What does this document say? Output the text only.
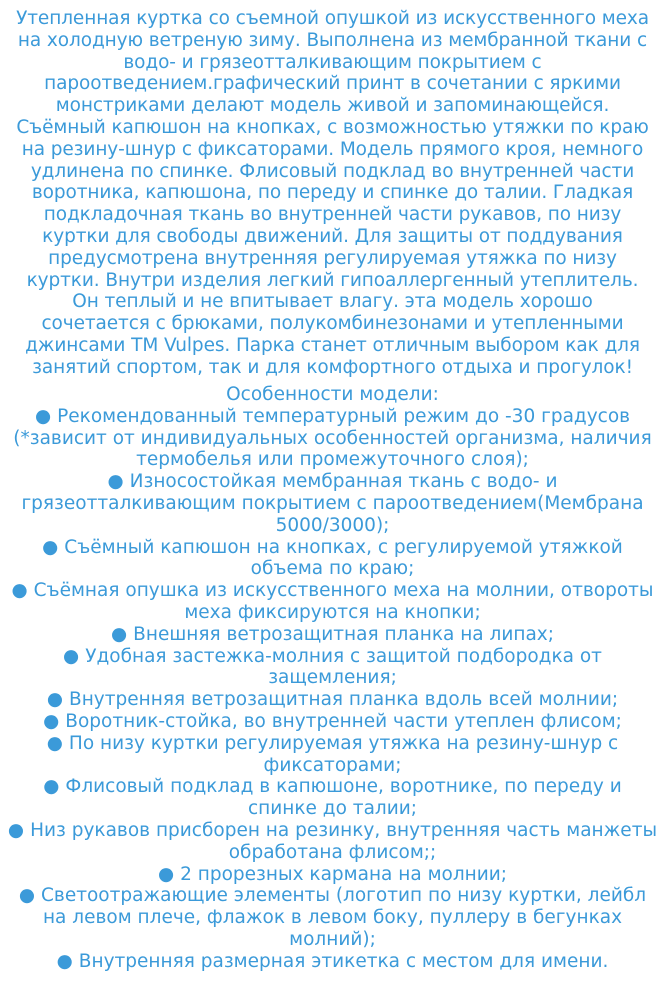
Утепленная куртка со съемной опушкой из искусственного меха
на холодную ветреную зиму. Выполнена из мембранной ткани с
водо- и грязеотталкивающим покрытием с
пароотведением.графический принт в сочетании с яркими
монстриками делают модель живой и запоминающейся.
Съёмный капюшон на кнопках, с возможностью утяжки по краю
на резину-шнур с фиксаторами. Модель прямого кроя, немного
удлинена по спинке. Флисовый подклад во внутренней части
воротника, капюшона, по переду и спинке до талии. Гладкая
подкладочная ткань во внутренней части рукавов, по низу
куртки для свободы движений. Для защиты от поддувания
предусмотрена внутренняя регулируемая утяжка по низу
куртки. Внутри изделия легкий гипоаллергенный утеплитель.
Он теплый и не впитывает влагу. эта модель хорошо
сочетается с брюками, полукомбинезонами и утепленными
джинсами ТМ Vulpes. Парка станет отличным выбором как для
занятий спортом, так и для комфортного отдыха и прогулок!

Особенности модели:
● Рекомендованный температурный режим до -30 градусов
(*зависит от индивидуальных особенностей организма, наличия
термобелья или промежуточного слоя);
● Износостойкая мембранная ткань с водо- и
грязеотталкивающим покрытием с пароотведением(Мембрана
5000/3000);
● Съёмный капюшон на кнопках, с регулируемой утяжкой
объема по краю;
● Съёмная опушка из искусственного меха на молнии, отвороты
меха фиксируются на кнопки;
● Внешняя ветрозащитная планка на липах;
● Удобная застежка-молния с защитой подбородка от
защемления;
● Внутренняя ветрозащитная планка вдоль всей молнии;
● Воротник-стойка, во внутренней части утеплен флисом;
● По низу куртки регулируемая утяжка на резину-шнур с
фиксаторами;
● Флисовый подклад в капюшоне, воротнике, по переду и
спинке до талии;
● Низ рукавов присборен на резинку, внутренняя часть манжеты
обработана флисом;;
● 2 прорезных кармана на молнии;
● Светоотражающие элементы (логотип по низу куртки, лейбл
на левом плече, флажок в левом боку, пуллеру в бегунках
молний);
● Внутренняя размерная этикетка с местом для имени.
